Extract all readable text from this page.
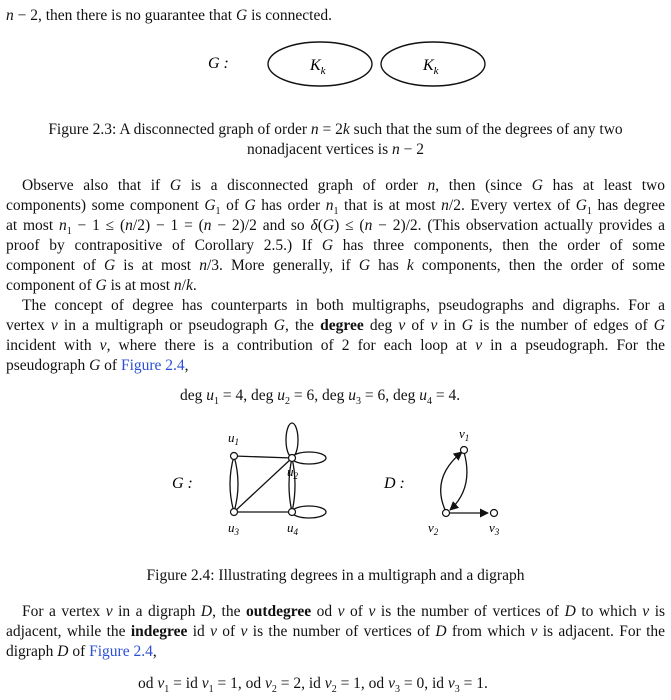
n − 2, then there is no guarantee that G is connected.
G :	$K_k$	$K_k$
Figure 2.3: A disconnected graph of order n = 2k such that the sum of the degrees of any two
nonadjacent vertices is n − 2
Observe also that if G is a disconnected graph of order n, then (since G has at least two
components) some component $G_1$ of G has order $n_1$ that is at most n/2. Every vertex of $G_1$ has degree
at most $n_1 - 1 \le (n/2) - 1 = (n - 2)/2$ and so δ(G) ≤ (n − 2)/2. (This observation actually provides a
proof by contrapositive of Corollary 2.5.) If G has three components, then the order of some
component of G is at most n/3. More generally, if G has k components, then the order of some
component of G is at most n/k.
The concept of degree has counterparts in both multigraphs, pseudographs and digraphs. For a
vertex v in a multigraph or pseudograph G, the degree deg v of v in G is the number of edges of G
incident with v, where there is a contribution of 2 for each loop at v in a pseudograph. For the
pseudograph G of Figure 2.4,
deg $u_1 = 4$, deg $u_2 = 6$, deg $u_3 = 6$, deg $u_4 = 4$.
G :
$u_1$
$u_2$
$u_3$	$u_4$
D :
$v_1$
$v_2$	$v_3$
Figure 2.4: Illustrating degrees in a multigraph and a digraph
For a vertex v in a digraph D, the outdegree od v of v is the number of vertices of D to which v is
adjacent, while the indegree id v of v is the number of vertices of D from which v is adjacent. For the
digraph D of Figure 2.4,
od $v_1$ = id $v_1 = 1$, od $v_2 = 2$, id $v_2 = 1$, od $v_3 = 0$, id $v_3 = 1$.
